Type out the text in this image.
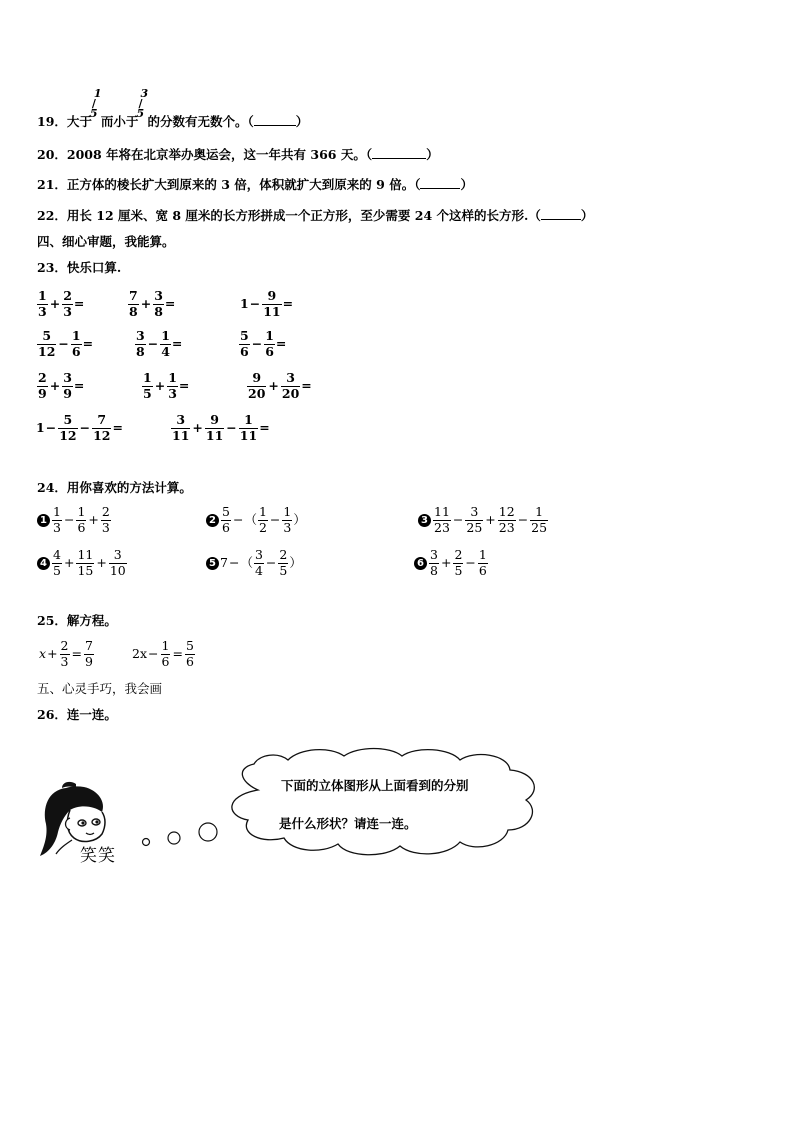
19．大于
1
5
/
而小于
3
5
/
的分数有无数个。（	）
20．2008 年将在北京举办奥运会，这一年共有 366 天。（	）
21．正方体的棱长扩大到原来的 3 倍，体积就扩大到原来的 9 倍。（	）
22．用长 12 厘米、宽 8 厘米的长方形拼成一个正方形，至少需要 24 个这样的长方形.（	）
四、细心审题，我能算。
23．快乐口算.
$\frac{1}{3} + \frac{2}{3}$ =	$\frac{7}{8} + \frac{3}{8}$ =	$1 - \frac{9}{11}$ =
$\frac{5}{12} - \frac{1}{6}$ =	$\frac{3}{8} - \frac{1}{4}$ =	$\frac{5}{6} - \frac{1}{6}$ =
$\frac{2}{9} + \frac{3}{9}$ =	$\frac{1}{5} + \frac{1}{3}$ =	$\frac{9}{20} + \frac{3}{20}$ =
$1 - \frac{5}{12} - \frac{7}{12}$ =	$\frac{3}{11} + \frac{9}{11} - \frac{1}{11}$ =
24．用你喜欢的方法计算。
$1 \frac{1}{3} - \frac{1}{6} + \frac{2}{3}$	$2 \frac{5}{6}$ − （ $\frac{1}{2} - \frac{1}{3}$ ）	$3 \frac{11}{23} - \frac{3}{25} + \frac{12}{23} - \frac{1}{25}$
$4 \frac{4}{5} + \frac{11}{15} + \frac{3}{10}$	5 7 − （ $\frac{3}{4} - \frac{2}{5}$ ）	$6 \frac{3}{8} + \frac{2}{5} - \frac{1}{6}$
25．解方程。
$x + \frac{2}{3} = \frac{7}{9}$	$2x - \frac{1}{6} = \frac{5}{6}$
五、心灵手巧，我会画
26．连一连。
笑笑
下面的立体图形从上面看到的分别
是什么形状？请连一连。
